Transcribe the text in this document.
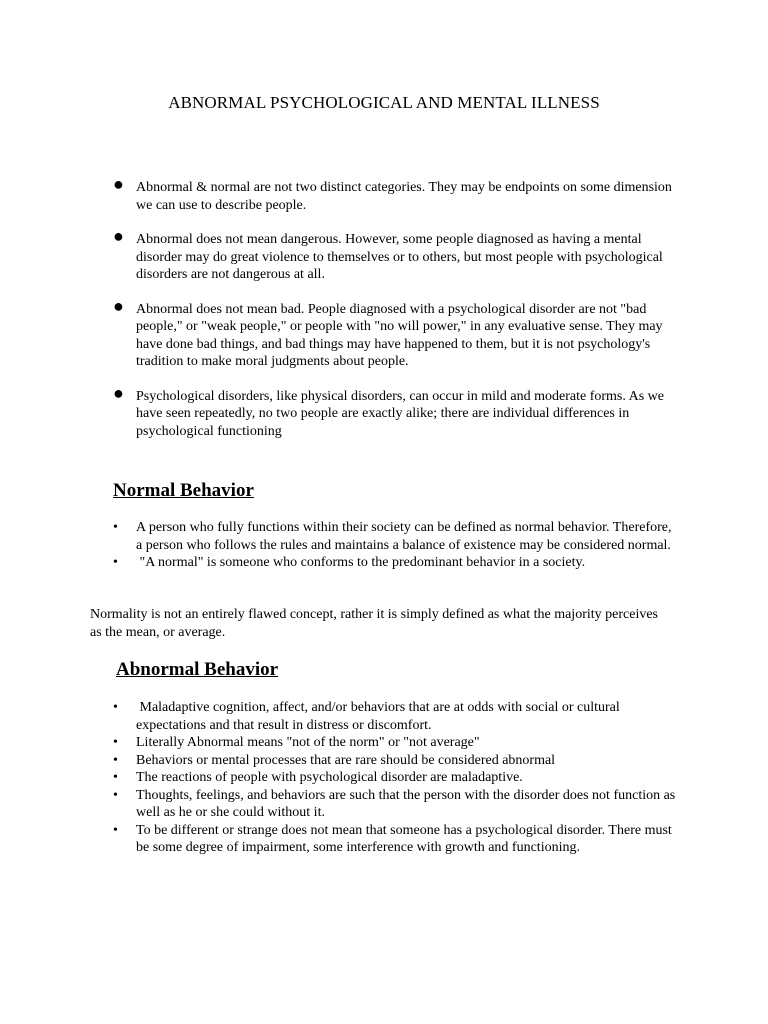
ABNORMAL PSYCHOLOGICAL AND MENTAL ILLNESS
● Abnormal & normal are not two distinct categories. They may be endpoints on some dimension we can use to describe people.
● Abnormal does not mean dangerous. However, some people diagnosed as having a mental disorder may do great violence to themselves or to others, but most people with psychological disorders are not dangerous at all.
● Abnormal does not mean bad. People diagnosed with a psychological disorder are not "bad people," or "weak people," or people with "no will power," in any evaluative sense. They may have done bad things, and bad things may have happened to them, but it is not psychology's tradition to make moral judgments about people.
● Psychological disorders, like physical disorders, can occur in mild and moderate forms. As we have seen repeatedly, no two people are exactly alike; there are individual differences in psychological functioning
Normal Behavior
• A person who fully functions within their society can be defined as normal behavior. Therefore, a person who follows the rules and maintains a balance of existence may be considered normal.
• "A normal" is someone who conforms to the predominant behavior in a society.

Normality is not an entirely flawed concept, rather it is simply defined as what the majority perceives as the mean, or average.

Abnormal Behavior
• Maladaptive cognition, affect, and/or behaviors that are at odds with social or cultural expectations and that result in distress or discomfort.
• Literally Abnormal means "not of the norm" or "not average"
• Behaviors or mental processes that are rare should be considered abnormal
• The reactions of people with psychological disorder are maladaptive.
• Thoughts, feelings, and behaviors are such that the person with the disorder does not function as well as he or she could without it.
• To be different or strange does not mean that someone has a psychological disorder. There must be some degree of impairment, some interference with growth and functioning.
